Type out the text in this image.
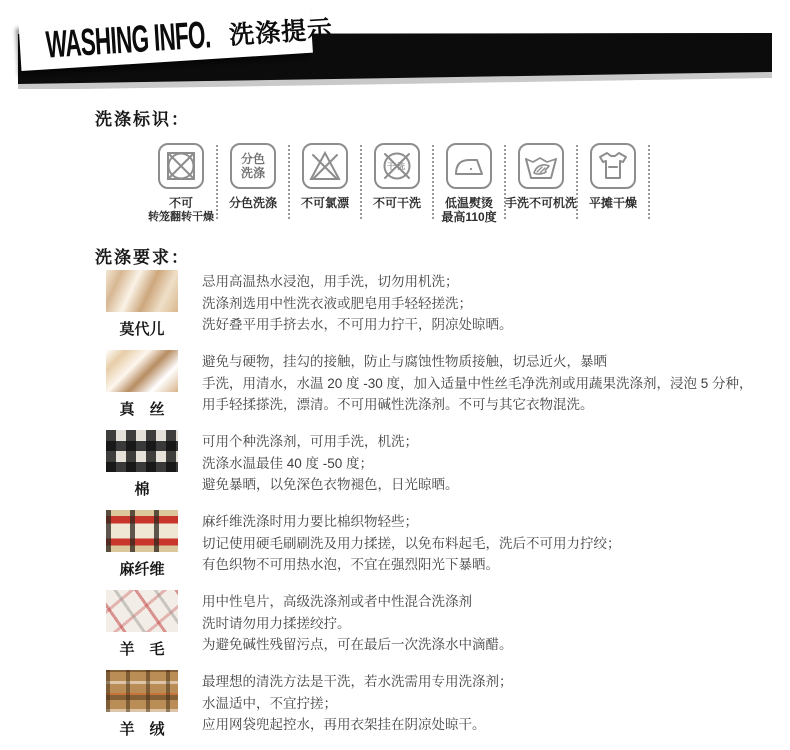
WASHING INFO. 洗涤提示
洗涤标识：
不可
转笼翻转干燥
分色
洗涤
分色洗涤 不可氯漂
干洗
不可干洗	低温熨烫
最高110度
手洗不可机洗 平摊干燥
洗涤要求：
莫代儿
忌用高温热水浸泡，用手洗，切勿用机洗；
洗涤剂选用中性洗衣液或肥皂用手轻轻搓洗；
洗好叠平用手挤去水，不可用力拧干，阴凉处晾晒。
真　丝
避免与硬物，挂勾的接触，防止与腐蚀性物质接触，切忌近火，暴晒
手洗，用清水，水温 20 度 -30 度，加入适量中性丝毛净洗剂或用蔬果洗涤剂，浸泡 5 分种，
用手轻揉搽洗，漂清。不可用碱性洗涤剂。不可与其它衣物混洗。
棉
可用个种洗涤剂，可用手洗，机洗；
洗涤水温最佳 40 度 -50 度；
避免暴晒，以免深色衣物褪色，日光晾晒。
麻纤维
麻纤维洗涤时用力要比棉织物轻些；
切记使用硬毛刷刷洗及用力揉搓，以免布料起毛，洗后不可用力拧绞；
有色织物不可用热水泡，不宜在强烈阳光下暴晒。
羊　毛
用中性皂片，高级洗涤剂或者中性混合洗涤剂
洗时请勿用力揉搓绞拧。
为避免碱性残留污点，可在最后一次洗涤水中滴醋。
羊　绒
最理想的清洗方法是干洗，若水洗需用专用洗涤剂；
水温适中，不宜拧搓；
应用网袋兜起控水，再用衣架挂在阴凉处晾干。
